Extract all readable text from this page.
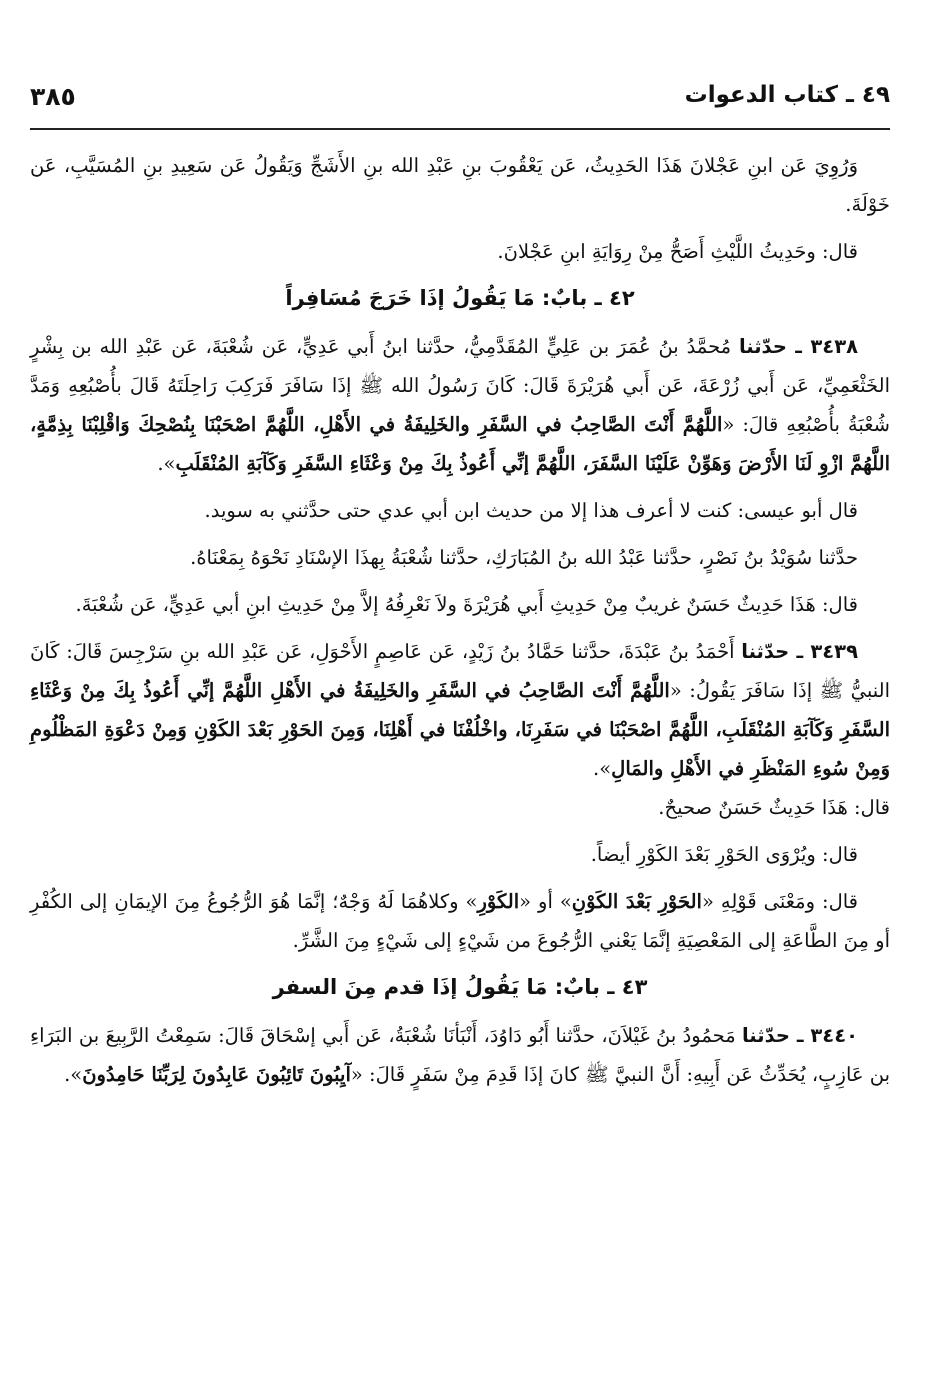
٤٩ ـ كتاب الدعوات
٣٨٥

وَرُوِيَ عَن ابنِ عَجْلانَ هَذَا الحَدِيثُ، عَن يَعْقُوبَ بنِ عَبْدِ الله بنِ الأَشَجِّ وَيَقُولُ عَن سَعِيدِ بنِ المُسَيَّبِ، عَن خَوْلَةَ.

قال: وحَدِيثُ اللَّيْثِ أَصَحُّ مِنْ رِوَايَةِ ابنِ عَجْلانَ.

٤٢ ـ بابٌ: مَا يَقُولُ إذَا خَرَجَ مُسَافِراً

٣٤٣٨ ـ حدّثنا مُحمَّدُ بنُ عُمَرَ بن عَلِيٍّ المُقَدَّمِيُّ، حدَّثنا ابنُ أَبي عَدِيٍّ، عَن شُعْبَةَ، عَن عَبْدِ الله بن بِشْرٍ الخَثْعَمِيِّ، عَن أَبي زُرْعَةَ، عَن أَبي هُرَيْرَةَ قَالَ: كَانَ رَسُولُ الله ﷺ إذَا سَافَرَ فَرَكِبَ رَاحِلَتَهُ قَالَ بأُصْبُعِهِ وَمَدَّ شُعْبَةُ بأُصْبُعِهِ قالَ: «اللَّهُمَّ أَنْتَ الصَّاحِبُ في السَّفَرِ والخَلِيفَةُ في الأَهْلِ، اللَّهُمَّ اصْحَبْنَا بِنُصْحِكَ وَاقْلِبْنَا بِذِمَّةٍ، اللَّهُمَّ ازْوِ لَنَا الأَرْضَ وَهَوِّنْ عَلَيْنَا السَّفَرَ، اللَّهُمَّ إنِّي أَعُوذُ بِكَ مِنْ وَعْثَاءِ السَّفَرِ وَكَآبَةِ المُنْقَلَبِ».

قال أبو عيسى: كنت لا أعرف هذا إلا من حديث ابن أبي عدي حتى حدَّثني به سويد.

حدَّثنا سُوَيْدُ بنُ نَصْرٍ، حدَّثنا عَبْدُ الله بنُ المُبَارَكِ، حدَّثنا شُعْبَةُ بِهذَا الإسْنَادِ نَحْوَهُ بِمَعْنَاهُ.

قال: هَذَا حَدِيثٌ حَسَنٌ غريبٌ مِنْ حَدِيثِ أَبي هُرَيْرَةَ ولاَ نَعْرِفُهُ إلاَّ مِنْ حَدِيثِ ابنِ أبي عَدِيٍّ، عَن شُعْبَةَ.

٣٤٣٩ ـ حدّثنا أَحْمَدُ بنُ عَبْدَةَ، حدَّثنا حَمَّادُ بنُ زَيْدٍ، عَن عَاصِمٍ الأَحْوَلِ، عَن عَبْدِ الله بنِ سَرْجِسَ قَالَ: كَانَ النبيُّ ﷺ إذَا سَافَرَ يَقُولُ: «اللَّهُمَّ أَنْتَ الصَّاحِبُ في السَّفَرِ والخَلِيفَةُ في الأَهْلِ اللَّهُمَّ إنِّي أَعُوذُ بِكَ مِنْ وَعْثَاءِ السَّفَرِ وَكَآبَةِ المُنْقَلَبِ، اللَّهُمَّ اصْحَبْنَا في سَفَرِنَا، واخْلُفْنَا في أَهْلِنَا، وَمِنَ الحَوْرِ بَعْدَ الكَوْنِ وَمِنْ دَعْوَةِ المَظْلُومِ وَمِنْ سُوءِ المَنْظَرِ في الأَهْلِ والمَالِ».
قال: هَذَا حَدِيثٌ حَسَنٌ صحيحٌ.

قال: ويُرْوَى الحَوْرِ بَعْدَ الكَوْرِ أيضاً.

قال: ومَعْنَى قَوْلِهِ «الحَوْرِ بَعْدَ الكَوْنِ» أو «الكَوْرِ» وكلاهُمَا لَهُ وَجْهٌ؛ إنَّمَا هُوَ الرُّجُوعُ مِنَ الإيمَانِ إلى الكُفْرِ أو مِنَ الطَّاعَةِ إلى المَعْصِيَةِ إنَّمَا يَعْني الرُّجُوعَ من شَيْءٍ إلى شَيْءٍ مِنَ الشَّرِّ.

٤٣ ـ بابٌ: مَا يَقُولُ إذَا قدم مِنَ السفر

٣٤٤٠ ـ حدّثنا مَحمُودُ بنُ غَيْلاَنَ، حدَّثنا أَبُو دَاوُدَ، أَنْبَأنَا شُعْبَةُ، عَن أَبي إسْحَاقَ قَالَ: سَمِعْتُ الرَّبِيعَ بن البَرَاءِ بن عَازِبٍ، يُحَدِّثُ عَن أَبِيهِ: أَنَّ النبيَّ ﷺ كانَ إذَا قَدِمَ مِنْ سَفَرٍ قَالَ: «آيِبُونَ تَائِبُونَ عَابِدُونَ لِرَبِّنَا حَامِدُونَ».
